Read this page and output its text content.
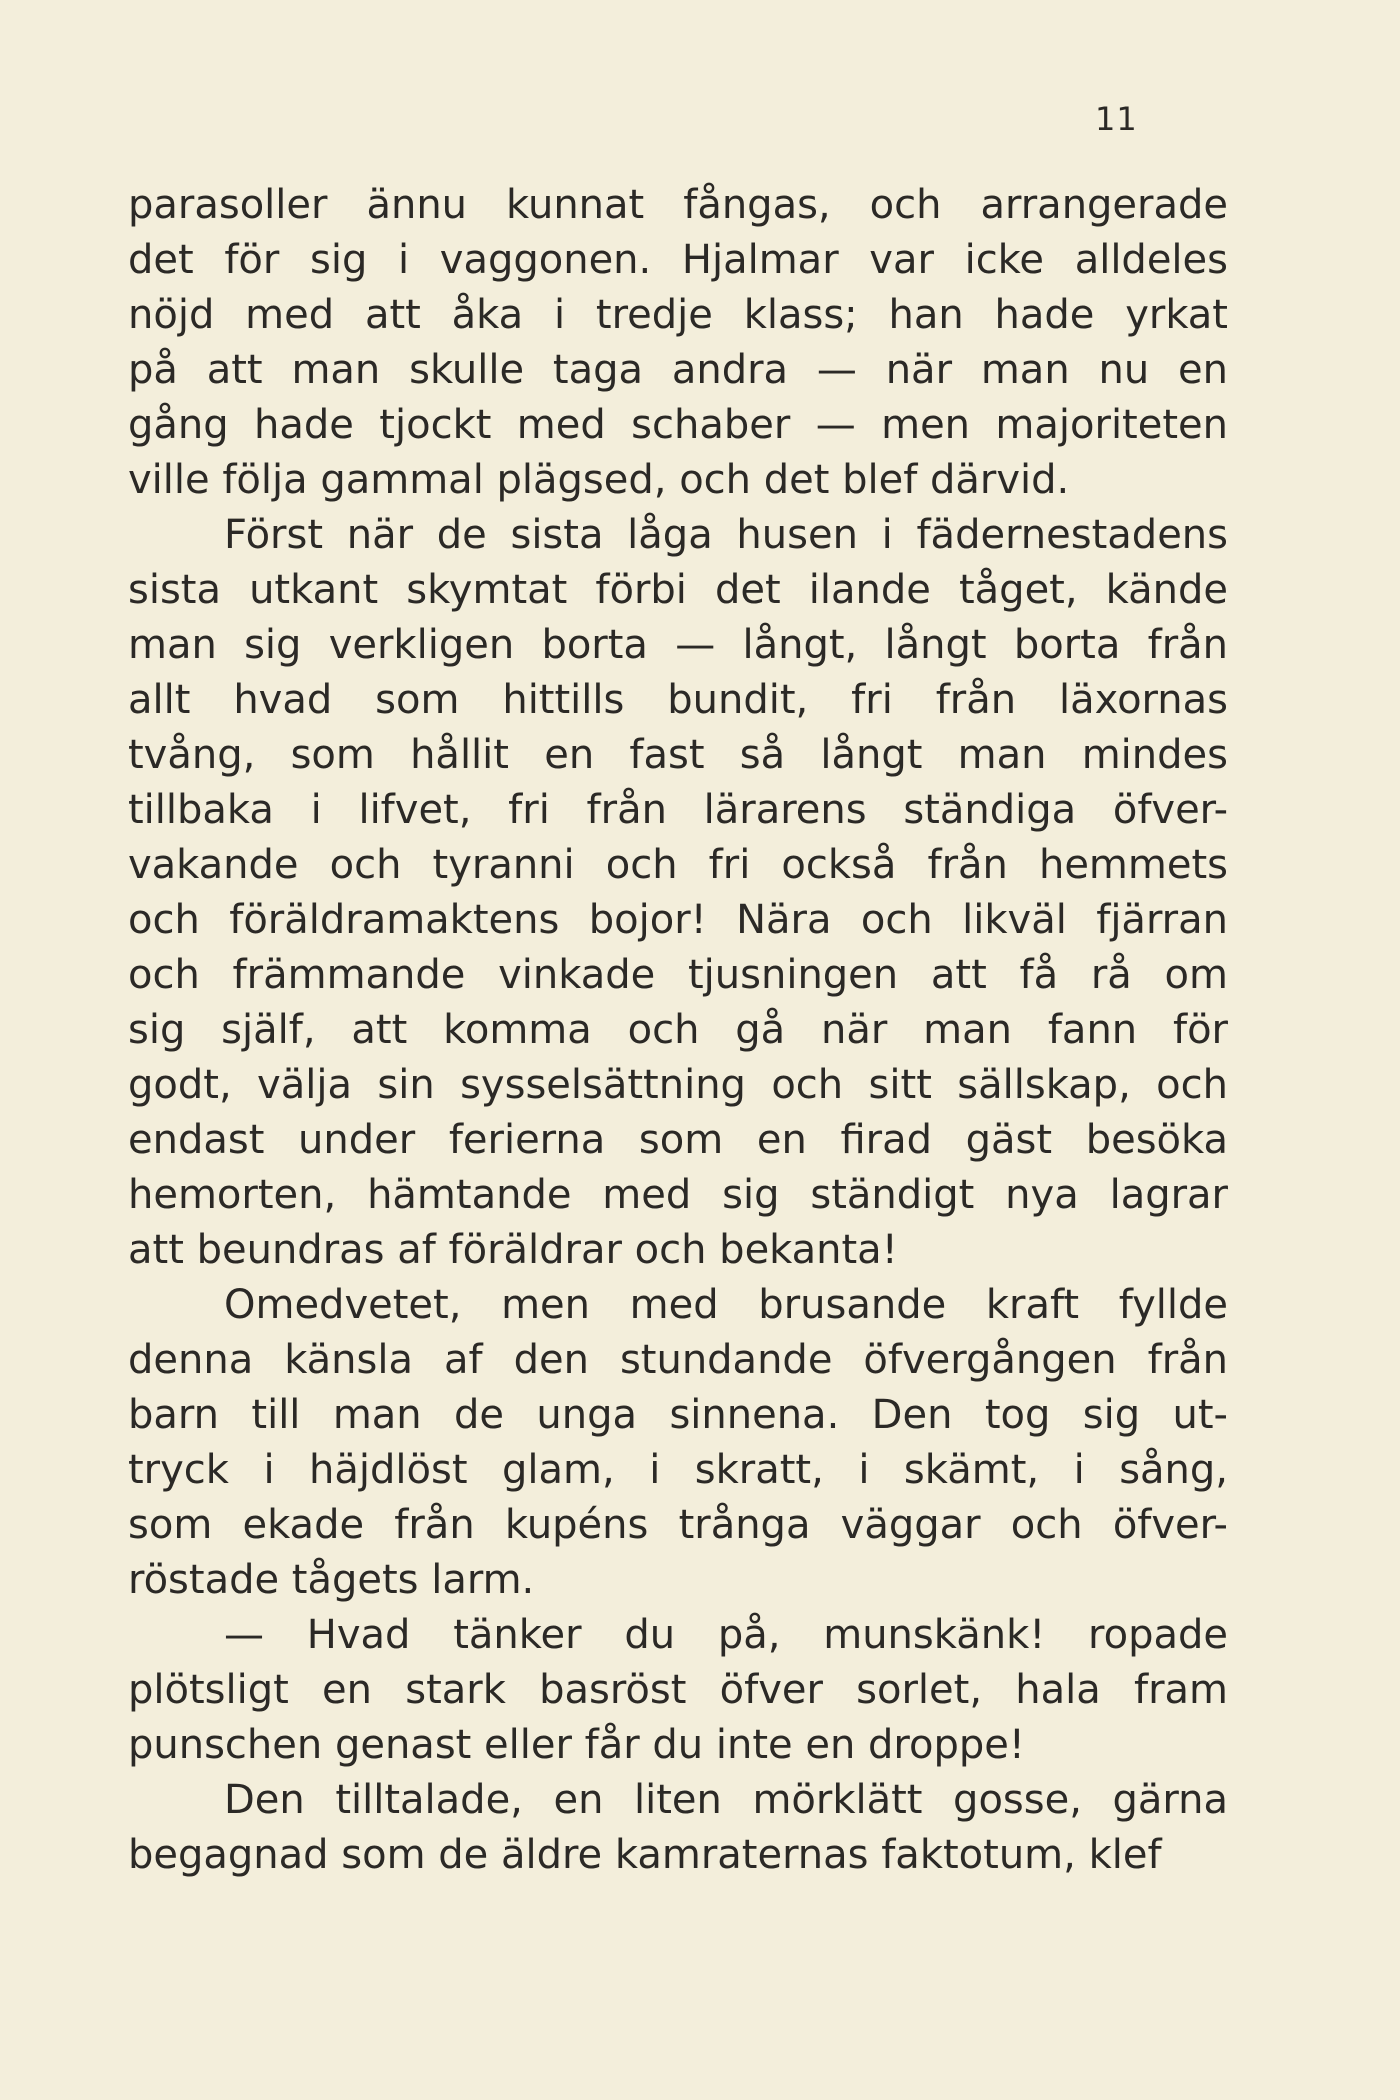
11
parasoller ännu kunnat fångas, och arrangerade
det för sig i vaggonen. Hjalmar var icke alldeles
nöjd med att åka i tredje klass; han hade yrkat
på att man skulle taga andra — när man nu en
gång hade tjockt med schaber — men majoriteten
ville följa gammal plägsed, och det blef därvid.
Först när de sista låga husen i fädernestadens
sista utkant skymtat förbi det ilande tåget, kände
man sig verkligen borta — långt, långt borta från
allt hvad som hittills bundit, fri från läxornas
tvång, som hållit en fast så långt man mindes
tillbaka i lifvet, fri från lärarens ständiga öfver-
vakande och tyranni och fri också från hemmets
och föräldramaktens bojor! Nära och likväl fjärran
och främmande vinkade tjusningen att få rå om
sig själf, att komma och gå när man fann för
godt, välja sin sysselsättning och sitt sällskap, och
endast under ferierna som en firad gäst besöka
hemorten, hämtande med sig ständigt nya lagrar
att beundras af föräldrar och bekanta!
Omedvetet, men med brusande kraft fyllde
denna känsla af den stundande öfvergången från
barn till man de unga sinnena. Den tog sig ut-
tryck i häjdlöst glam, i skratt, i skämt, i sång,
som ekade från kupéns trånga väggar och öfver-
röstade tågets larm.
— Hvad tänker du på, munskänk! ropade
plötsligt en stark basröst öfver sorlet, hala fram
punschen genast eller får du inte en droppe!
Den tilltalade, en liten mörklätt gosse, gärna
begagnad som de äldre kamraternas faktotum, klef
